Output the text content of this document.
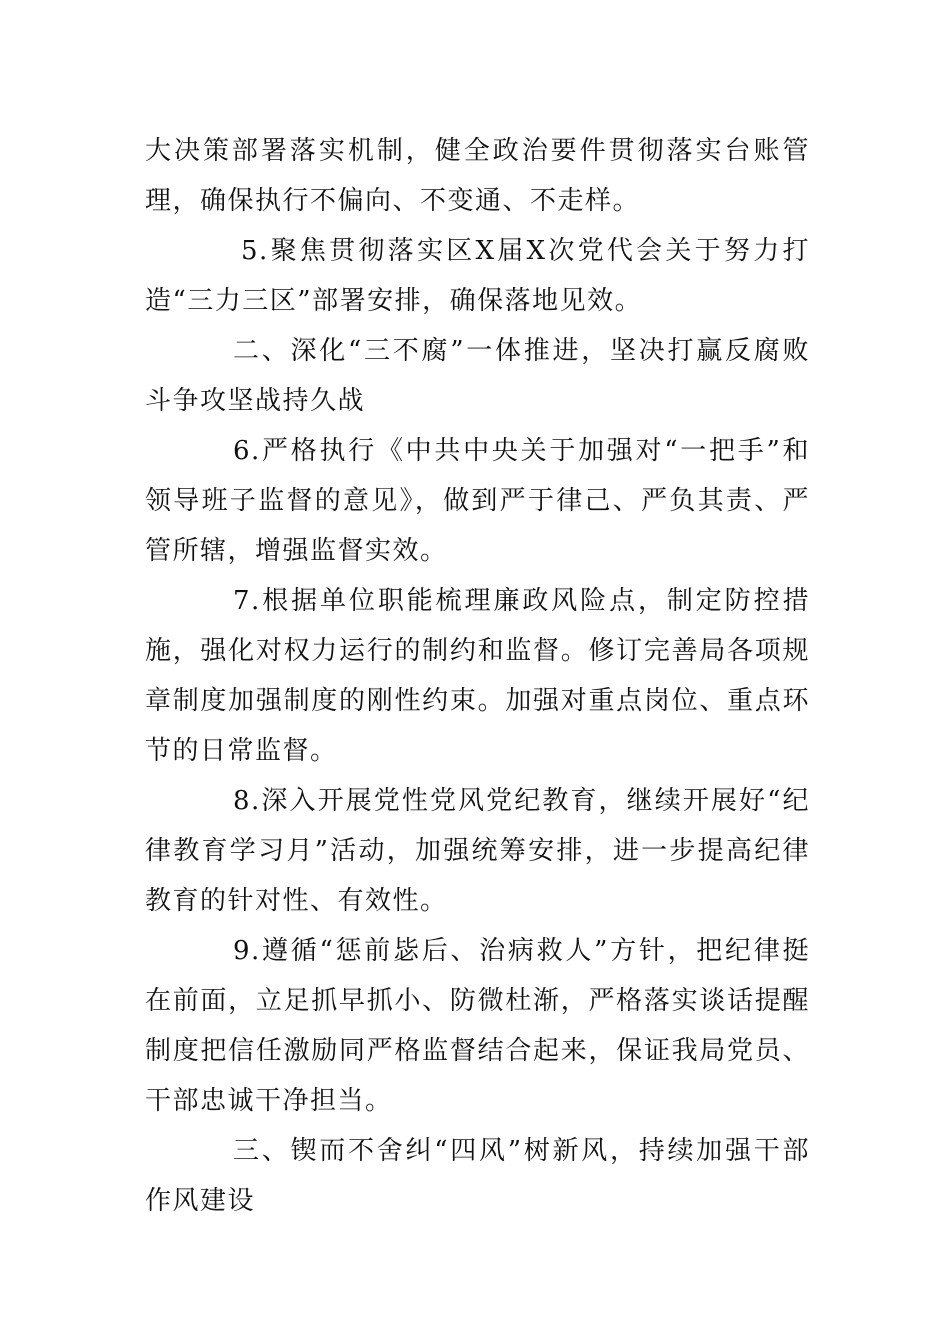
大决策部署落实机制，健全政治要件贯彻落实台账管理，确保执行不偏向、不变通、不走样。

5.聚焦贯彻落实区X届X次党代会关于努力打造“三力三区”部署安排，确保落地见效。

二、深化“三不腐”一体推进，坚决打赢反腐败斗争攻坚战持久战

6.严格执行《中共中央关于加强对“一把手”和领导班子监督的意见》，做到严于律己、严负其责、严管所辖，增强监督实效。

7.根据单位职能梳理廉政风险点，制定防控措施，强化对权力运行的制约和监督。修订完善局各项规章制度加强制度的刚性约束。加强对重点岗位、重点环节的日常监督。

8.深入开展党性党风党纪教育，继续开展好“纪律教育学习月”活动，加强统筹安排，进一步提高纪律教育的针对性、有效性。

9.遵循“惩前毖后、治病救人”方针，把纪律挺在前面，立足抓早抓小、防微杜渐，严格落实谈话提醒制度把信任激励同严格监督结合起来，保证我局党员、干部忠诚干净担当。

三、锲而不舍纠“四风”树新风，持续加强干部作风建设
